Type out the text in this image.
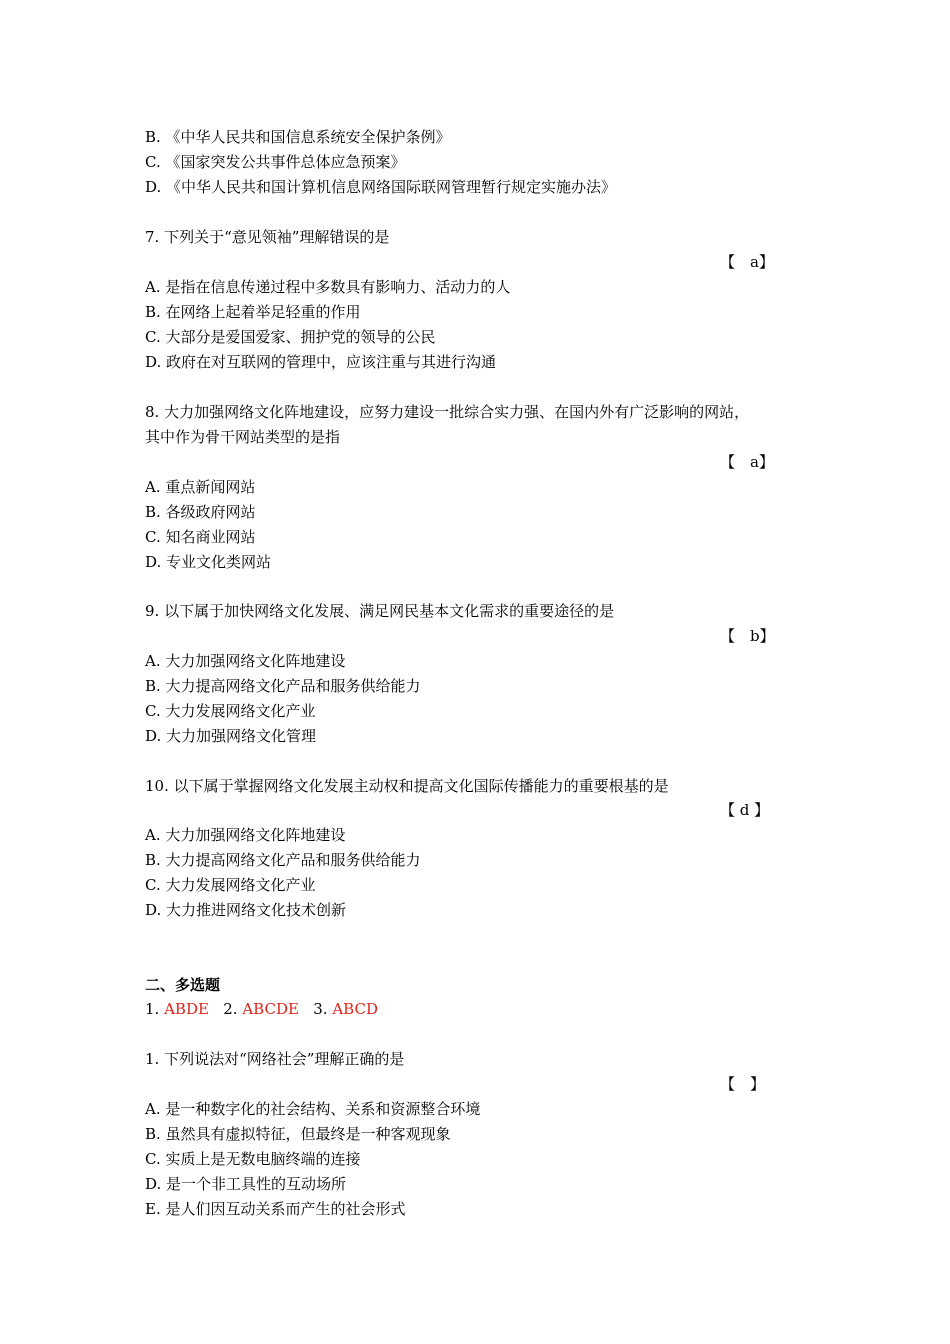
B. 《中华人民共和国信息系统安全保护条例》
C. 《国家突发公共事件总体应急预案》
D. 《中华人民共和国计算机信息网络国际联网管理暂行规定实施办法》
7. 下列关于“意见领袖”理解错误的是
【　a】
A. 是指在信息传递过程中多数具有影响力、活动力的人
B. 在网络上起着举足轻重的作用
C. 大部分是爱国爱家、拥护党的领导的公民
D. 政府在对互联网的管理中，应该注重与其进行沟通
8. 大力加强网络文化阵地建设，应努力建设一批综合实力强、在国内外有广泛影响的网站，
其中作为骨干网站类型的是指
【　a】
A. 重点新闻网站
B. 各级政府网站
C. 知名商业网站
D. 专业文化类网站
9. 以下属于加快网络文化发展、满足网民基本文化需求的重要途径的是
【　b】
A. 大力加强网络文化阵地建设
B. 大力提高网络文化产品和服务供给能力
C. 大力发展网络文化产业
D. 大力加强网络文化管理
10. 以下属于掌握网络文化发展主动权和提高文化国际传播能力的重要根基的是
【 d 】
A. 大力加强网络文化阵地建设
B. 大力提高网络文化产品和服务供给能力
C. 大力发展网络文化产业
D. 大力推进网络文化技术创新
二、多选题
1. ABDE 2. ABCDE 3. ABCD
1. 下列说法对“网络社会”理解正确的是
【　】
A. 是一种数字化的社会结构、关系和资源整合环境
B. 虽然具有虚拟特征，但最终是一种客观现象
C. 实质上是无数电脑终端的连接
D. 是一个非工具性的互动场所
E. 是人们因互动关系而产生的社会形式
